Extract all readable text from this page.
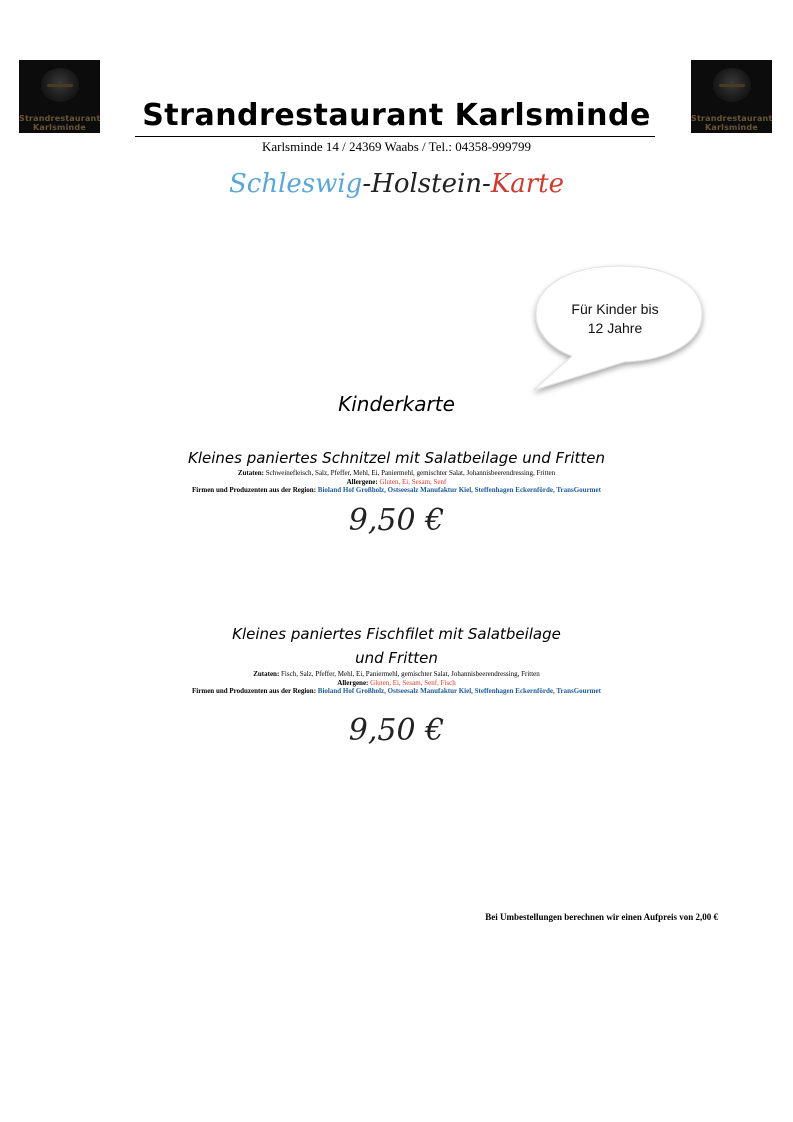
Strandrestaurant
Karlsminde
Strandrestaurant
Karlsminde
Strandrestaurant Karlsminde
Karlsminde 14 / 24369 Waabs / Tel.: 04358-999799
Schleswig-Holstein-Karte
Für Kinder bis
12 Jahre
Kinderkarte
Kleines paniertes Schnitzel mit Salatbeilage und Fritten
Zutaten: Schweinefleisch, Salz, Pfeffer, Mehl, Ei, Paniermehl, gemischter Salat, Johannisbeerendressing, Fritten
Allergene: Gluten, Ei, Sesam, Senf
Firmen und Produzenten aus der Region: Bioland Hof Großholz, Ostseesalz Manufaktur Kiel, Steffenhagen Eckernförde, TransGourmet
9,50 €
Kleines paniertes Fischfilet mit Salatbeilage
und Fritten
Zutaten: Fisch, Salz, Pfeffer, Mehl, Ei, Paniermehl, gemischter Salat, Johannisbeerendressing, Fritten
Allergene: Gluten, Ei, Sesam, Senf, Fisch
Firmen und Produzenten aus der Region: Bioland Hof Großholz, Ostseesalz Manufaktur Kiel, Steffenhagen Eckernförde, TransGourmet
9,50 €
Bei Umbestellungen berechnen wir einen Aufpreis von 2,00 €
